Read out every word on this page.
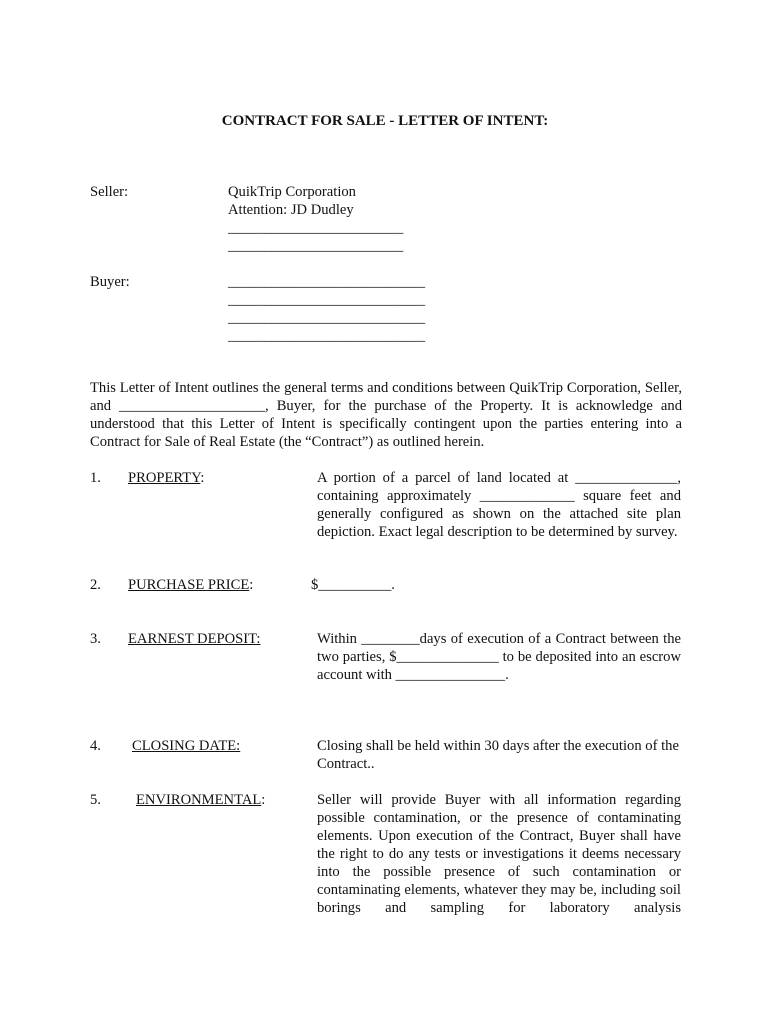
CONTRACT FOR SALE - LETTER OF INTENT:
Seller:	QuikTrip Corporation
Attention: JD Dudley
________________________
________________________
Buyer:	___________________________
___________________________
___________________________
___________________________
This Letter of Intent outlines the general terms and conditions between QuikTrip Corporation, Seller, and ____________________, Buyer, for the purchase of the Property. It is acknowledge and understood that this Letter of Intent is specifically contingent upon the parties entering into a Contract for Sale of Real Estate (the “Contract”) as outlined herein.
1. PROPERTY:	A portion of a parcel of land located at ______________, containing approximately _____________ square feet and generally configured as shown on the attached site plan depiction. Exact legal description to be determined by survey.
2. PURCHASE PRICE:	$__________.
3. EARNEST DEPOSIT:	Within ________days of execution of a Contract between the two parties, $______________ to be deposited into an escrow account with _______________.
4. CLOSING DATE:	Closing shall be held within 30 days after the execution of the Contract..
5. ENVIRONMENTAL:	Seller will provide Buyer with all information regarding possible contamination, or the presence of contaminating elements. Upon execution of the Contract, Buyer shall have the right to do any tests or investigations it deems necessary into the possible presence of such contamination or contaminating elements, whatever they may be, including soil borings and sampling for laboratory analysis
